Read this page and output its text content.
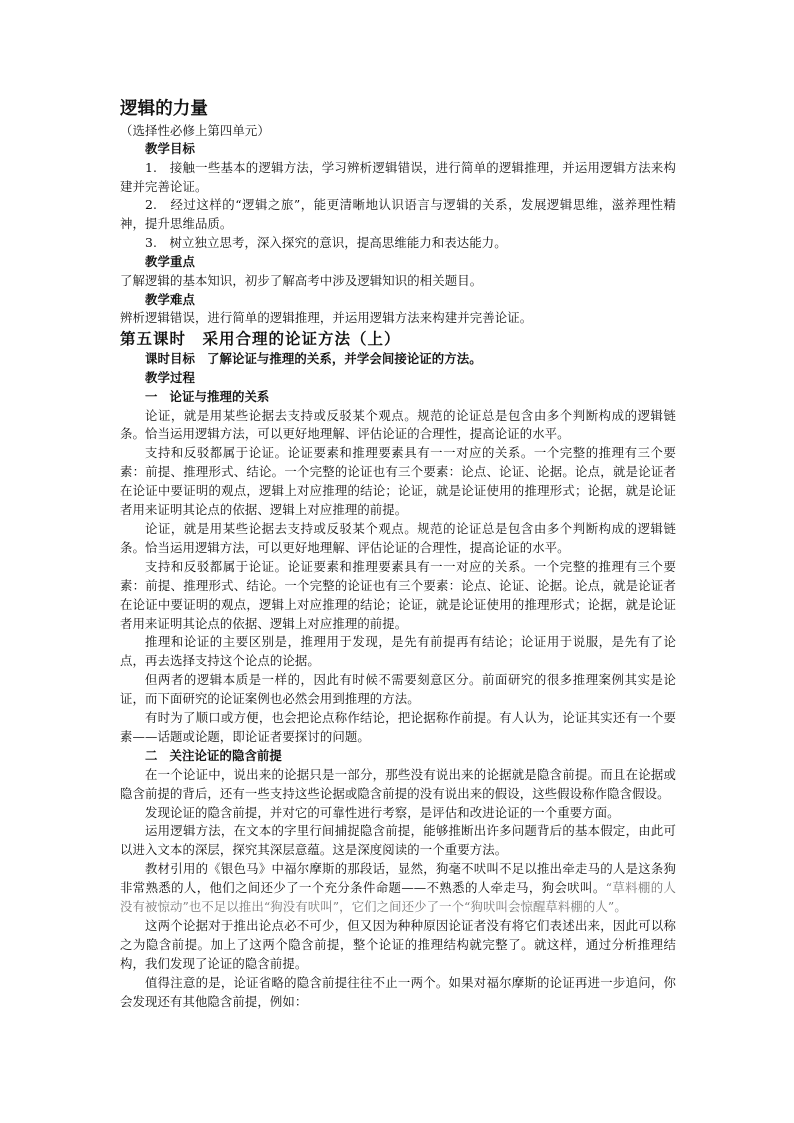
逻辑的力量

（选择性必修上第四单元）

教学目标

1.　接触一些基本的逻辑方法，学习辨析逻辑错误，进行简单的逻辑推理，并运用逻辑方法来构建并完善论证。

2.　经过这样的“逻辑之旅”，能更清晰地认识语言与逻辑的关系，发展逻辑思维，滋养理性精神，提升思维品质。

3.　树立独立思考，深入探究的意识，提高思维能力和表达能力。

教学重点

了解逻辑的基本知识，初步了解高考中涉及逻辑知识的相关题目。

教学难点

辨析逻辑错误，进行简单的逻辑推理，并运用逻辑方法来构建并完善论证。

第五课时　采用合理的论证方法（上）

课时目标 了解论证与推理的关系，并学会间接论证的方法。

教学过程

一 论证与推理的关系

论证，就是用某些论据去支持或反驳某个观点。规范的论证总是包含由多个判断构成的逻辑链条。恰当运用逻辑方法，可以更好地理解、评估论证的合理性，提高论证的水平。

支持和反驳都属于论证。论证要素和推理要素具有一一对应的关系。一个完整的推理有三个要素：前提、推理形式、结论。一个完整的论证也有三个要素：论点、论证、论据。论点，就是论证者在论证中要证明的观点，逻辑上对应推理的结论；论证，就是论证使用的推理形式；论据，就是论证者用来证明其论点的依据、逻辑上对应推理的前提。

论证，就是用某些论据去支持或反驳某个观点。规范的论证总是包含由多个判断构成的逻辑链条。恰当运用逻辑方法，可以更好地理解、评估论证的合理性，提高论证的水平。

支持和反驳都属于论证。论证要素和推理要素具有一一对应的关系。一个完整的推理有三个要素：前提、推理形式、结论。一个完整的论证也有三个要素：论点、论证、论据。论点，就是论证者在论证中要证明的观点，逻辑上对应推理的结论；论证，就是论证使用的推理形式；论据，就是论证者用来证明其论点的依据、逻辑上对应推理的前提。

推理和论证的主要区别是，推理用于发现，是先有前提再有结论；论证用于说服，是先有了论点，再去选择支持这个论点的论据。

但两者的逻辑本质是一样的，因此有时候不需要刻意区分。前面研究的很多推理案例其实是论证，而下面研究的论证案例也必然会用到推理的方法。

有时为了顺口或方便，也会把论点称作结论，把论据称作前提。有人认为，论证其实还有一个要素——话题或论题，即论证者要探讨的问题。

二 关注论证的隐含前提

在一个论证中，说出来的论据只是一部分，那些没有说出来的论据就是隐含前提。而且在论据或隐含前提的背后，还有一些支持这些论据或隐含前提的没有说出来的假设，这些假设称作隐含假设。

发现论证的隐含前提，并对它的可靠性进行考察，是评估和改进论证的一个重要方面。

运用逻辑方法，在文本的字里行间捕捉隐含前提，能够推断出许多问题背后的基本假定，由此可以进入文本的深层，探究其深层意蕴。这是深度阅读的一个重要方法。

教材引用的《银色马》中福尔摩斯的那段话，显然，狗毫不吠叫不足以推出牵走马的人是这条狗非常熟悉的人，他们之间还少了一个充分条件命题——不熟悉的人牵走马，狗会吠叫。“草料棚的人没有被惊动”也不足以推出“狗没有吠叫”，它们之间还少了一个“狗吠叫会惊醒草料棚的人”。

这两个论据对于推出论点必不可少，但又因为种种原因论证者没有将它们表述出来，因此可以称之为隐含前提。加上了这两个隐含前提，整个论证的推理结构就完整了。就这样，通过分析推理结构，我们发现了论证的隐含前提。

值得注意的是，论证省略的隐含前提往往不止一两个。如果对福尔摩斯的论证再进一步追问，你会发现还有其他隐含前提，例如：
